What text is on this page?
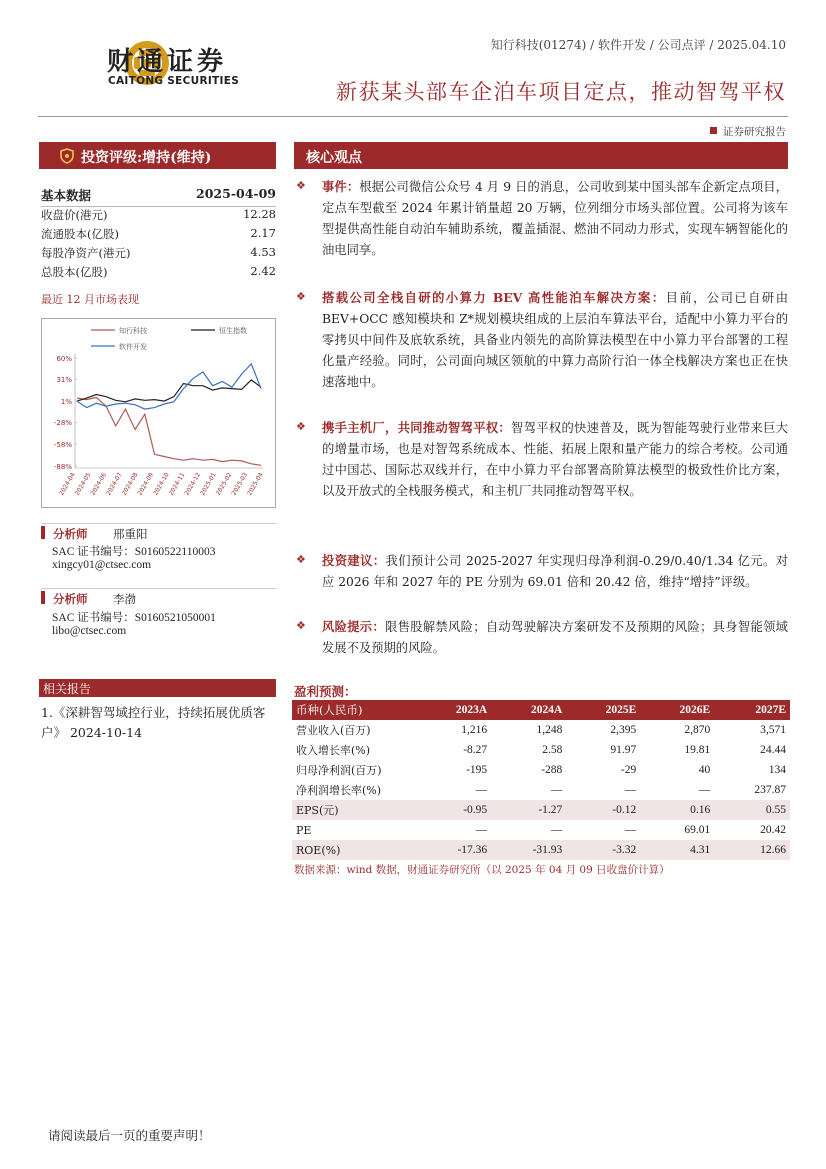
财通证券
CAITONG SECURITIES
知行科技(01274) / 软件开发 / 公司点评 / 2025.04.10
新获某头部车企泊车项目定点，推动智驾平权
证券研究报告
投资评级:增持(维持)
基本数据	2025-04-09
收盘价(港元)	12.28
流通股本(亿股)	2.17
每股净资产(港元)	4.53
总股本(亿股)	2.42
最近 12 月市场表现
60%
31%
1%
-28%
-58%
-88%
2024-04
2024-05
2024-06
2024-07
2024-08
2024-09
2024-10
2024-11
2024-12
2025-01
2025-02
2025-03
2025-04
知行科技	恒生指数
软件开发
分析师 邢重阳
SAC 证书编号：S0160522110003
xingcy01@ctsec.com
分析师 李渤
SAC 证书编号：S0160521050001
libo@ctsec.com
相关报告
1.《深耕智驾域控行业，持续拓展优质客户》 2024-10-14
核心观点
❖ 事件：根据公司微信公众号 4 月 9 日的消息，公司收到某中国头部车企新定点项目，定点车型截至 2024 年累计销量超 20 万辆，位列细分市场头部位置。公司将为该车型提供高性能自动泊车辅助系统，覆盖插混、燃油不同动力形式，实现车辆智能化的油电同享。
❖ 搭载公司全栈自研的小算力 BEV 高性能泊车解决方案：目前，公司已自研由 BEV+OCC 感知模块和 Z*规划模块组成的上层泊车算法平台，适配中小算力平台的零拷贝中间件及底软系统，具备业内领先的高阶算法模型在中小算力平台部署的工程化量产经验。同时，公司面向城区领航的中算力高阶行泊一体全栈解决方案也正在快速落地中。
❖ 携手主机厂，共同推动智驾平权：智驾平权的快速普及，既为智能驾驶行业带来巨大的增量市场，也是对智驾系统成本、性能、拓展上限和量产能力的综合考校。公司通过中国芯、国际芯双线并行，在中小算力平台部署高阶算法模型的极致性价比方案，以及开放式的全栈服务模式，和主机厂共同推动智驾平权。
❖ 投资建议：我们预计公司 2025-2027 年实现归母净利润-0.29/0.40/1.34 亿元。对应 2026 年和 2027 年的 PE 分别为 69.01 倍和 20.42 倍，维持“增持”评级。
❖ 风险提示：限售股解禁风险；自动驾驶解决方案研发不及预期的风险；具身智能领域发展不及预期的风险。
盈利预测：
币种(人民币)	2023A	2024A	2025E	2026E	2027E
营业收入(百万)	1,216	1,248	2,395	2,870	3,571
收入增长率(%)	-8.27	2.58	91.97	19.81	24.44
归母净利润(百万)	-195	-288	-29	40	134
净利润增长率(%)	—	—	—	—	237.87
EPS(元)	-0.95	-1.27	-0.12	0.16	0.55
PE	—	—	—	69.01	20.42
ROE(%)	-17.36	-31.93	-3.32	4.31	12.66
数据来源：wind 数据，财通证券研究所（以 2025 年 04 月 09 日收盘价计算）
请阅读最后一页的重要声明！
